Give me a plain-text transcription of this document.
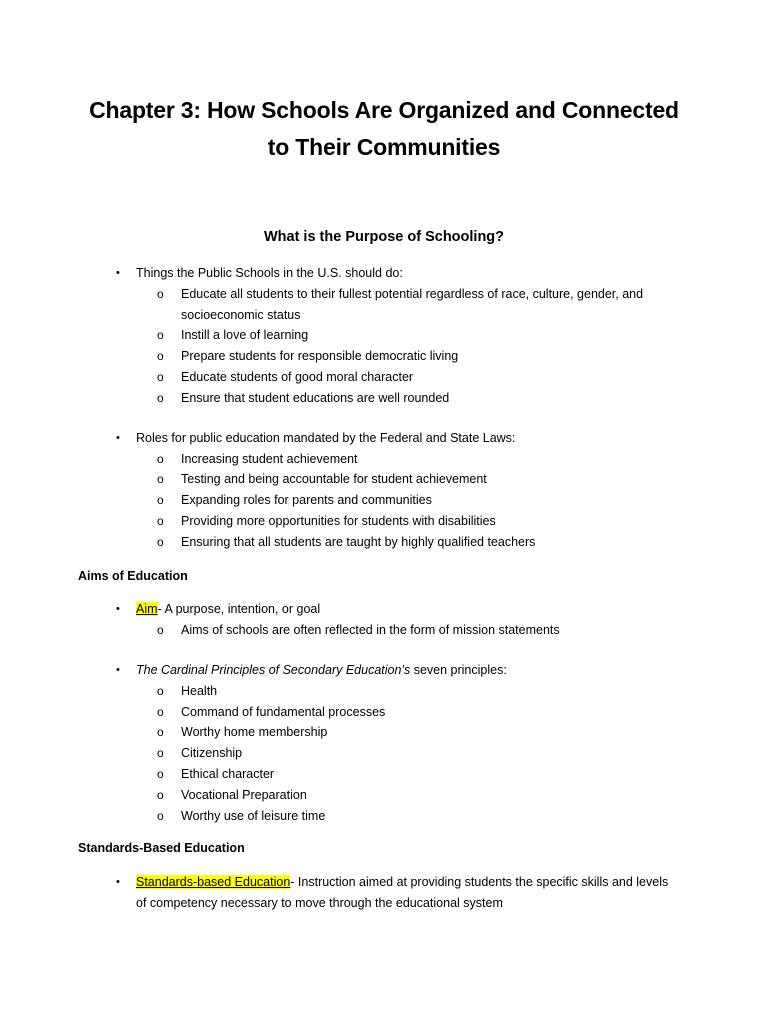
Chapter 3: How Schools Are Organized and Connected
to Their Communities
What is the Purpose of Schooling?
• Things the Public Schools in the U.S. should do:
o Educate all students to their fullest potential regardless of race, culture, gender, and
socioeconomic status
o Instill a love of learning
o Prepare students for responsible democratic living
o Educate students of good moral character
o Ensure that student educations are well rounded
• Roles for public education mandated by the Federal and State Laws:
o Increasing student achievement
o Testing and being accountable for student achievement
o Expanding roles for parents and communities
o Providing more opportunities for students with disabilities
o Ensuring that all students are taught by highly qualified teachers
Aims of Education
• Aim- A purpose, intention, or goal
o Aims of schools are often reflected in the form of mission statements
• The Cardinal Principles of Secondary Education’s seven principles:
o Health
o Command of fundamental processes
o Worthy home membership
o Citizenship
o Ethical character
o Vocational Preparation
o Worthy use of leisure time
Standards-Based Education
• Standards-based Education- Instruction aimed at providing students the specific skills and levels
of competency necessary to move through the educational system
